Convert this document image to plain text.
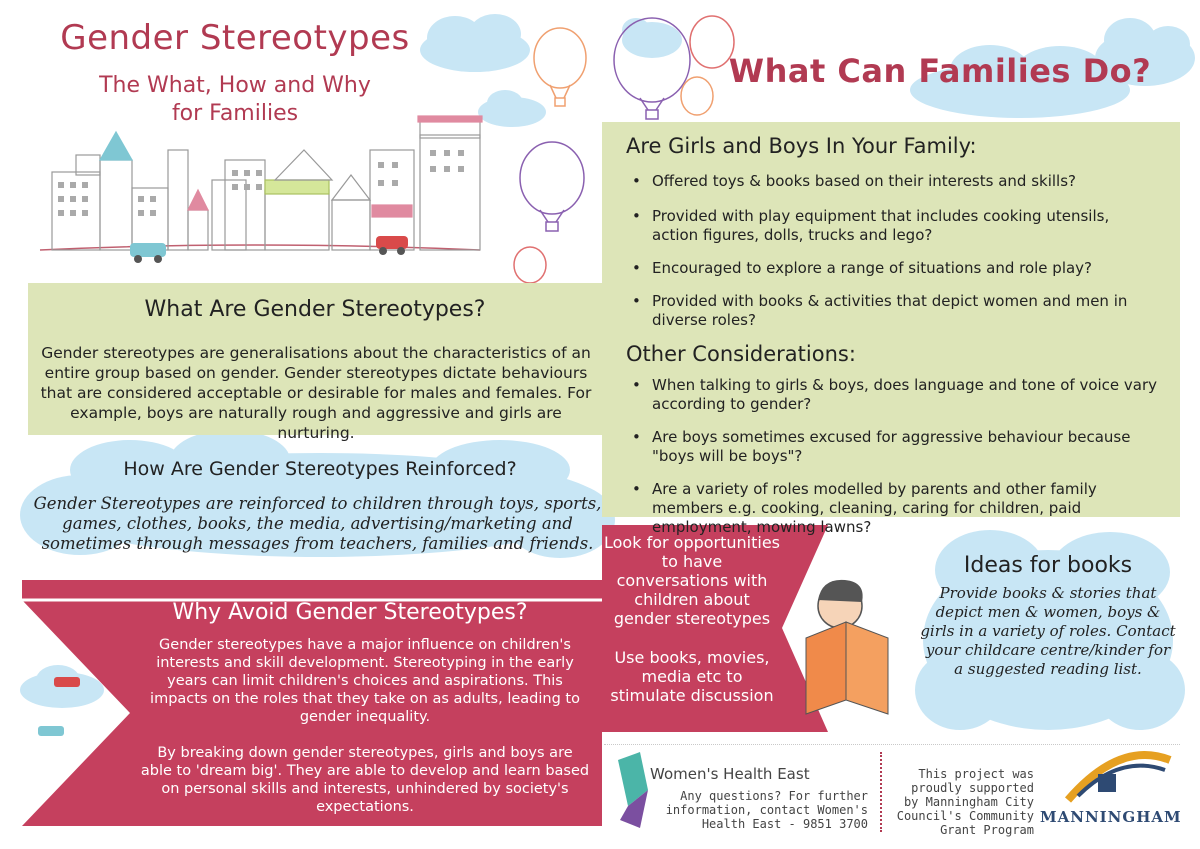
Gender Stereotypes
The What, How and Why
for Families
What Can Families Do?
What Are Gender Stereotypes?

Gender stereotypes are generalisations about the characteristics of an entire group based on gender. Gender stereotypes dictate behaviours that are considered acceptable or desirable for males and females. For example, boys are naturally rough and aggressive and girls are nurturing.

How Are Gender Stereotypes Reinforced?
Gender Stereotypes are reinforced to children through toys, sports, games, clothes, books, the media, advertising/marketing and sometimes through messages from teachers, families and friends.
Why Avoid Gender Stereotypes?
Gender stereotypes have a major influence on children's interests and skill development. Stereotyping in the early years can limit children's choices and aspirations. This impacts on the roles that they take on as adults, leading to gender inequality.
By breaking down gender stereotypes, girls and boys are able to 'dream big'. They are able to develop and learn based on personal skills and interests, unhindered by society's expectations.
Are Girls and Boys In Your Family:
• Offered toys & books based on their interests and skills?
• Provided with play equipment that includes cooking utensils, action figures, dolls, trucks and lego?
• Encouraged to explore a range of situations and role play?
• Provided with books & activities that depict women and men in diverse roles?
Other Considerations:
• When talking to girls & boys, does language and tone of voice vary according to gender?
• Are boys sometimes excused for aggressive behaviour because "boys will be boys"?
• Are a variety of roles modelled by parents and other family members e.g. cooking, cleaning, caring for children, paid employment, mowing lawns?
Look for opportunities to have conversations with children about gender stereotypes
Use books, movies, media etc to stimulate discussion
Ideas for books
Provide books & stories that depict men & women, boys & girls in a variety of roles. Contact your childcare centre/kinder for a suggested reading list.
Women's Health East
Any questions? For further information, contact Women's Health East - 9851 3700
This project was proudly supported by Manningham City Council's Community Grant Program
MANNINGHAM
